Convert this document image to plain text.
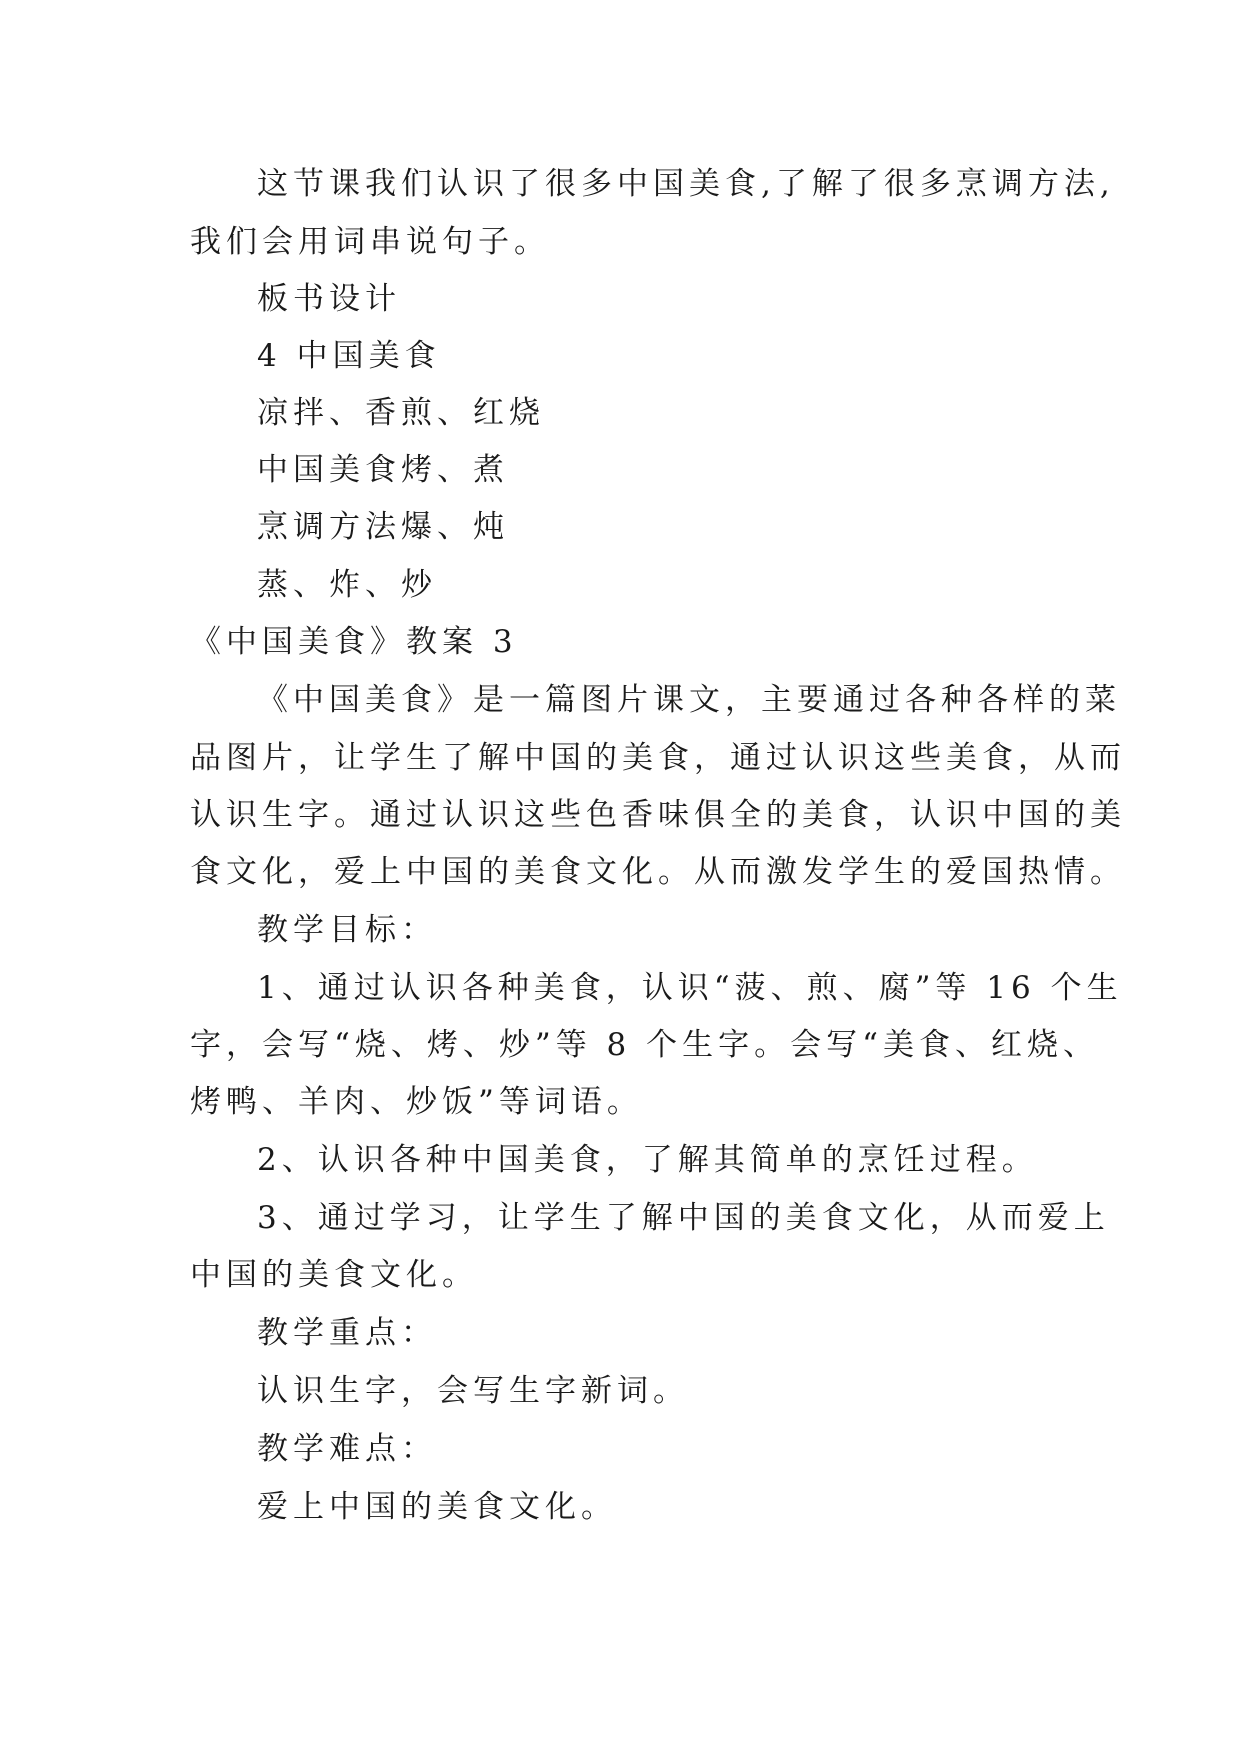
这节课我们认识了很多中国美食,了解了很多烹调方法,

我们会用词串说句子。

板书设计

4 中国美食

凉拌、香煎、红烧

中国美食烤、煮

烹调方法爆、炖

蒸、炸、炒

《中国美食》教案 3

《中国美食》是一篇图片课文，主要通过各种各样的菜

品图片，让学生了解中国的美食，通过认识这些美食，从而

认识生字。通过认识这些色香味俱全的美食，认识中国的美

食文化，爱上中国的美食文化。从而激发学生的爱国热情。

教学目标：

1、通过认识各种美食，认识“菠、煎、腐”等 16 个生

字，会写“烧、烤、炒”等 8 个生字。会写“美食、红烧、

烤鸭、羊肉、炒饭”等词语。

2、认识各种中国美食，了解其简单的烹饪过程。

3、通过学习，让学生了解中国的美食文化，从而爱上

中国的美食文化。

教学重点：

认识生字，会写生字新词。

教学难点：

爱上中国的美食文化。
